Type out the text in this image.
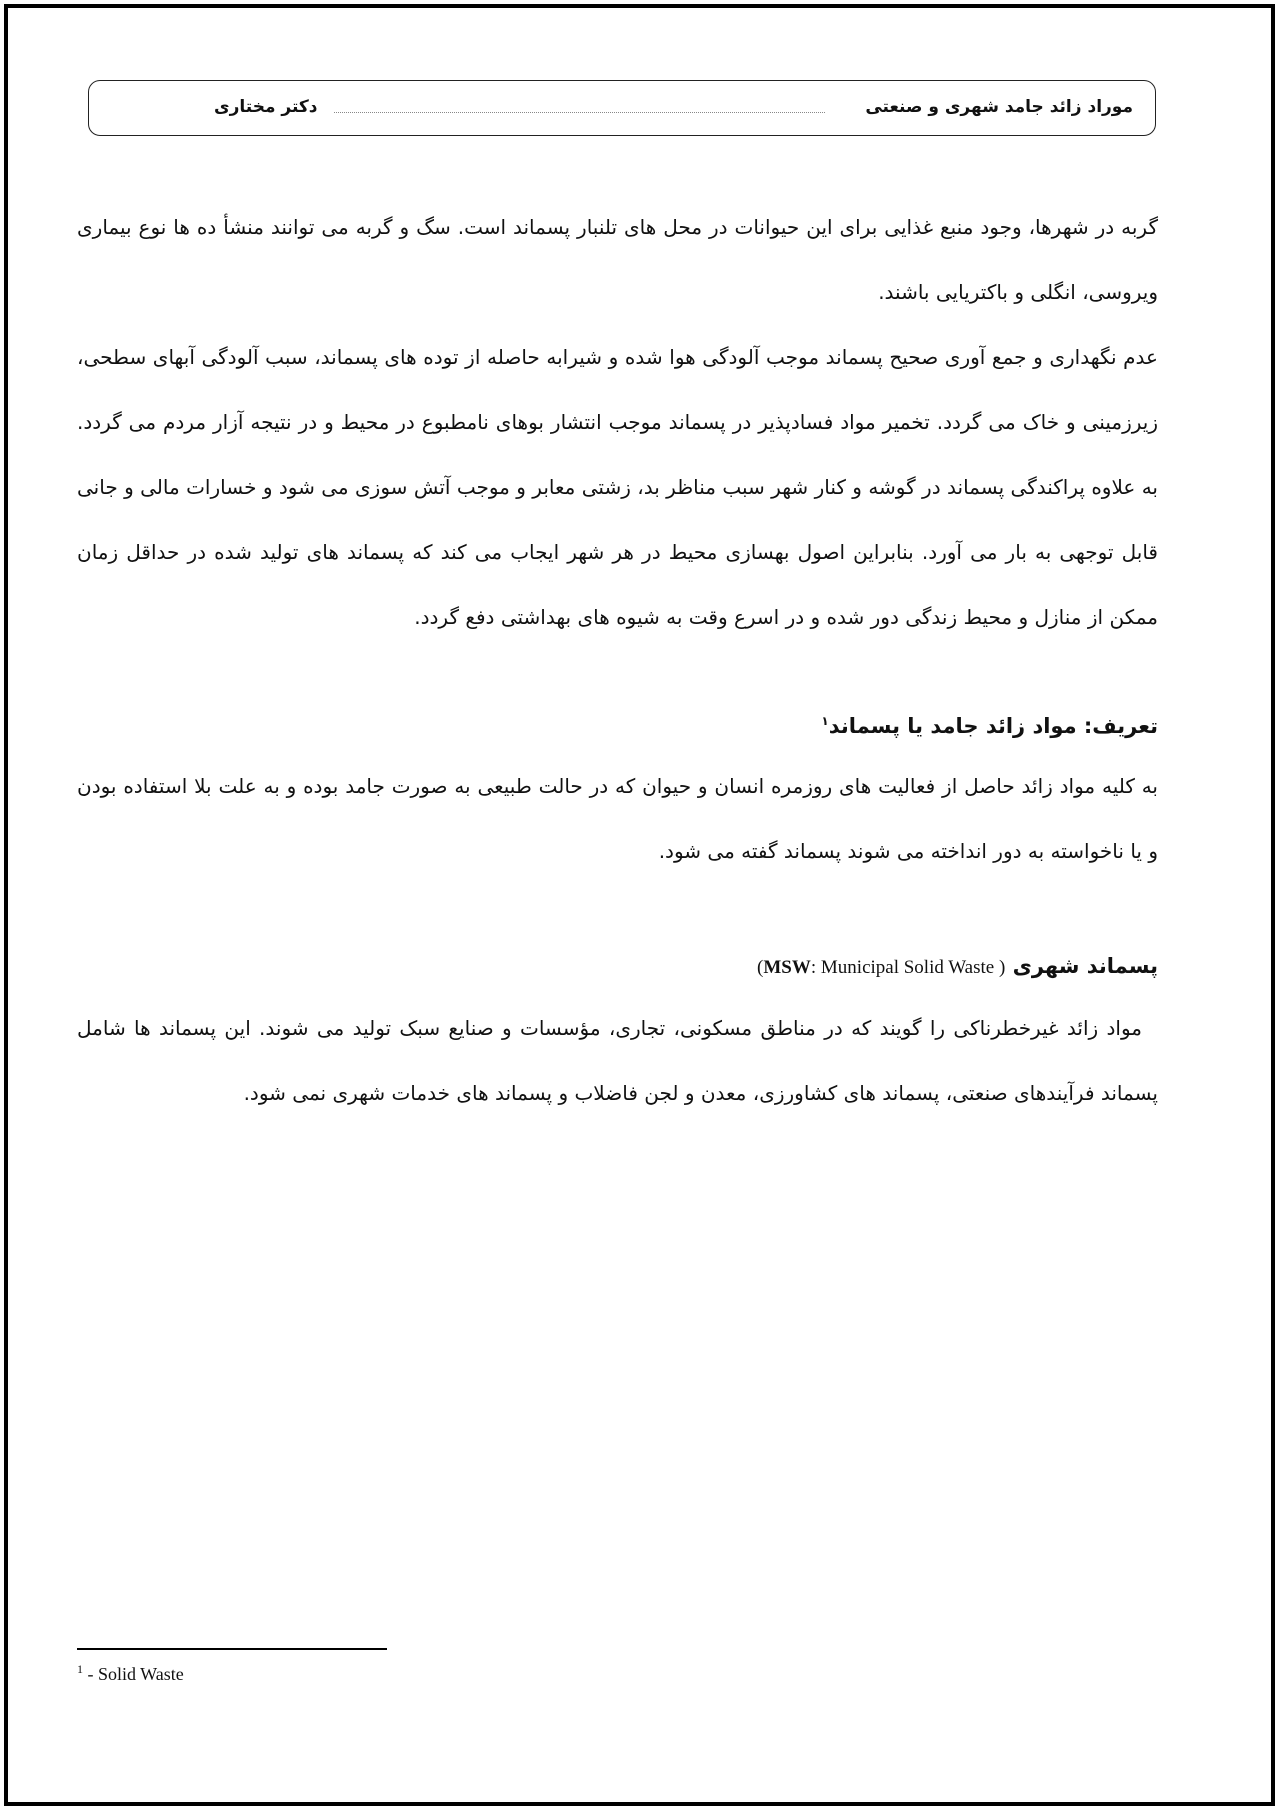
موراد زائد جامد شهری و صنعتی
دکتر مختاری

گربه در شهرها، وجود منبع غذایی برای این حیوانات در محل های تلنبار پسماند است. سگ و گربه می توانند منشأ ده ها نوع بیماری ویروسی، انگلی و باکتریایی باشند.

عدم نگهداری و جمع آوری صحیح پسماند موجب آلودگی هوا شده و شیرابه حاصله از توده های پسماند، سبب آلودگی آبهای سطحی، زیرزمینی و خاک می گردد. تخمیر مواد فسادپذیر در پسماند موجب انتشار بوهای نامطبوع در محیط و در نتیجه آزار مردم می گردد. به علاوه پراکندگی پسماند در گوشه و کنار شهر سبب مناظر بد، زشتی معابر و موجب آتش سوزی می شود و خسارات مالی و جانی قابل توجهی به بار می آورد. بنابراین اصول بهسازی محیط در هر شهر ایجاب می کند که پسماند های تولید شده در حداقل زمان ممکن از منازل و محیط زندگی دور شده و در اسرع وقت به شیوه های بهداشتی دفع گردد.

تعریف: مواد زائد جامد یا پسماند$^۱$

به کلیه مواد زائد حاصل از فعالیت های روزمره انسان و حیوان که در حالت طبیعی به صورت جامد بوده و به علت بلا استفاده بودن و یا ناخواسته به دور انداخته می شوند پسماند گفته می شود.

پسماند شهری (MSW: Municipal Solid Waste )

مواد زائد غیرخطرناکی را گویند که در مناطق مسکونی، تجاری، مؤسسات و صنایع سبک تولید می شوند. این پسماند ها شامل پسماند فرآیندهای صنعتی، پسماند های کشاورزی، معدن و لجن فاضلاب و پسماند های خدمات شهری نمی شود.

$^1$ - Solid Waste
